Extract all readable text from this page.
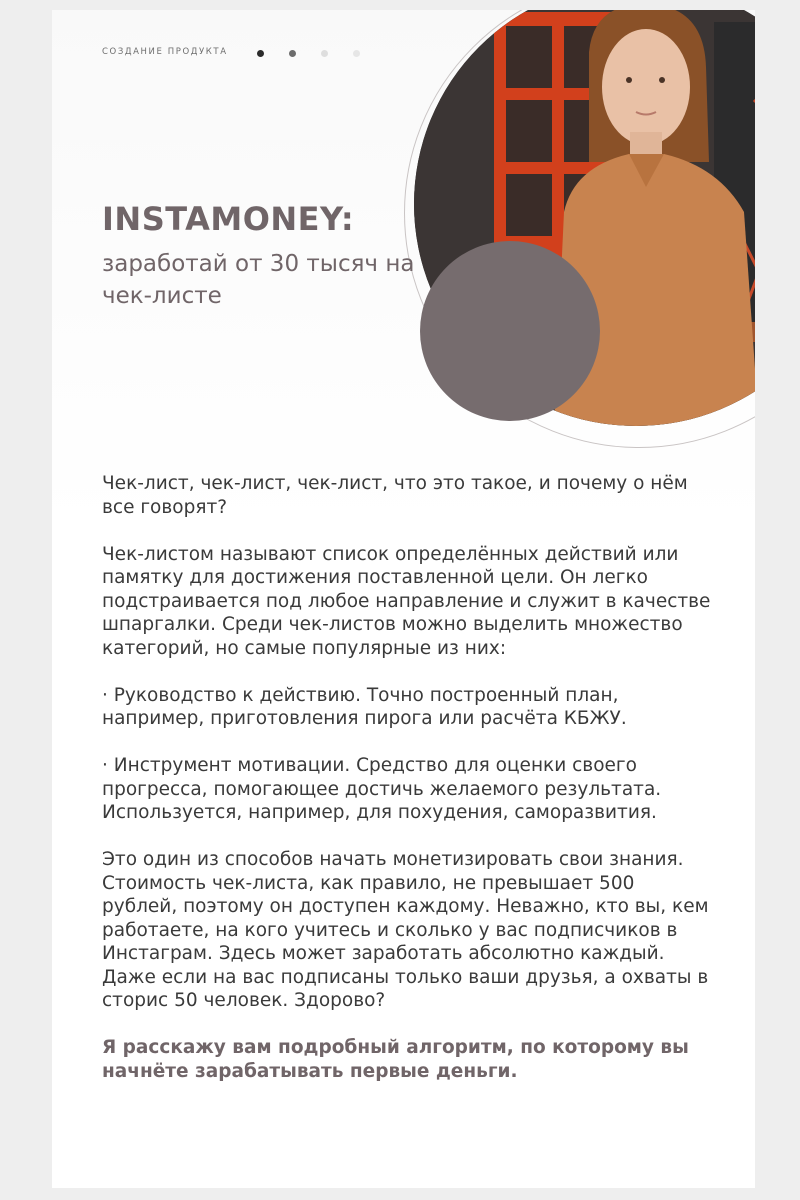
СОЗДАНИЕ ПРОДУКТА
INSTAMONEY:
заработай от 30 тысяч на чек-листе

Чек-лист, чек-лист, чек-лист, что это такое, и почему о нём все говорят?

Чек-листом называют список определённых действий или памятку для достижения поставленной цели. Он легко подстраивается под любое направление и служит в качестве шпаргалки. Среди чек-листов можно выделить множество категорий, но самые популярные из них:

· Руководство к действию. Точно построенный план, например, приготовления пирога или расчёта КБЖУ.

· Инструмент мотивации. Средство для оценки своего прогресса, помогающее достичь желаемого результата. Используется, например, для похудения, саморазвития.

Это один из способов начать монетизировать свои знания. Стоимость чек-листа, как правило, не превышает 500 рублей, поэтому он доступен каждому. Неважно, кто вы, кем работаете, на кого учитесь и сколько у вас подписчиков в Инстаграм. Здесь может заработать абсолютно каждый. Даже если на вас подписаны только ваши друзья, а охваты в сторис 50 человек. Здорово?

Я расскажу вам подробный алгоритм, по которому вы начнёте зарабатывать первые деньги.
